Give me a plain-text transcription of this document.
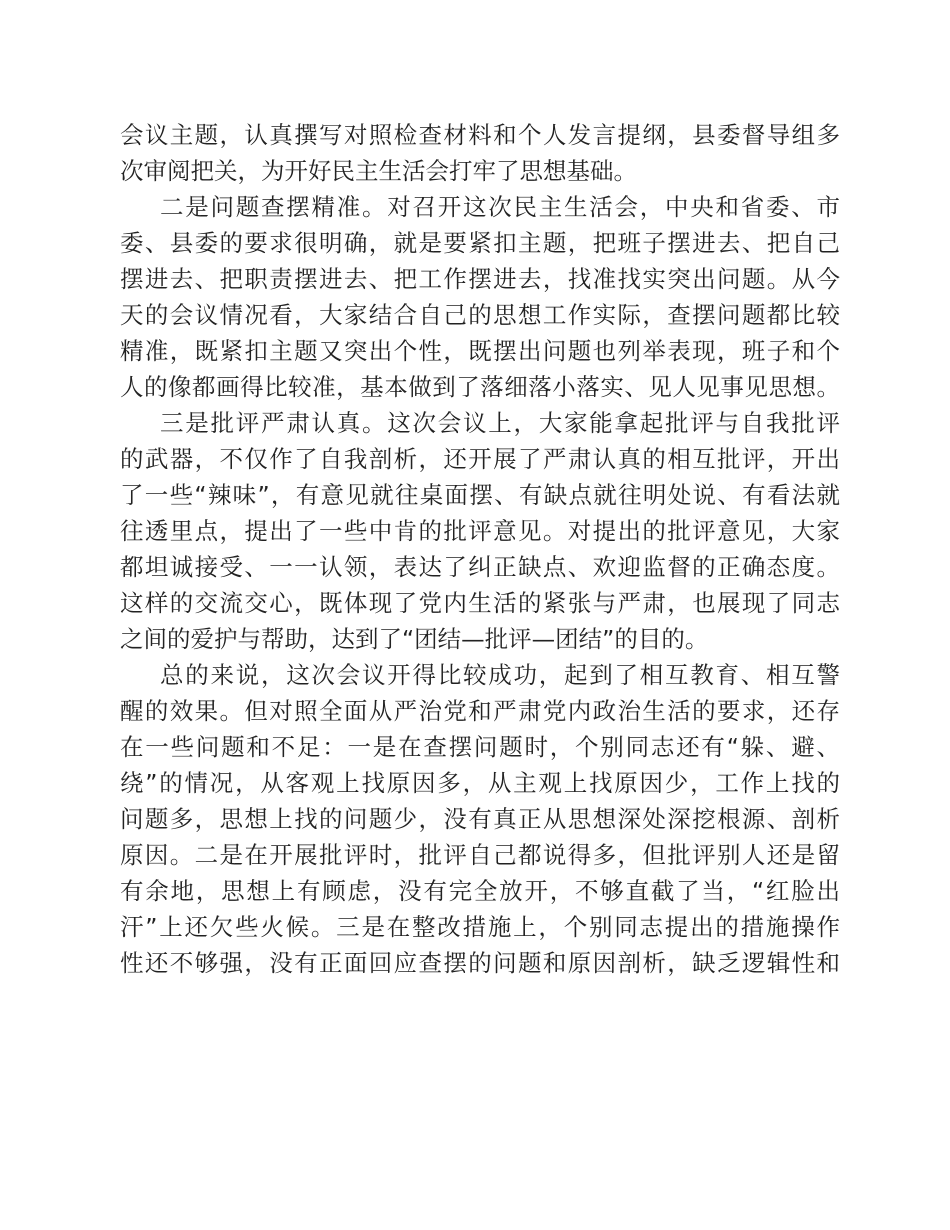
会议主题，认真撰写对照检查材料和个人发言提纲，县委督导组多
次审阅把关，为开好民主生活会打牢了思想基础。
二是问题查摆精准。对召开这次民主生活会，中央和省委、市
委、县委的要求很明确，就是要紧扣主题，把班子摆进去、把自己
摆进去、把职责摆进去、把工作摆进去，找准找实突出问题。从今
天的会议情况看，大家结合自己的思想工作实际，查摆问题都比较
精准，既紧扣主题又突出个性，既摆出问题也列举表现，班子和个
人的像都画得比较准，基本做到了落细落小落实、见人见事见思想。
三是批评严肃认真。这次会议上，大家能拿起批评与自我批评
的武器，不仅作了自我剖析，还开展了严肃认真的相互批评，开出
了一些“辣味”，有意见就往桌面摆、有缺点就往明处说、有看法就
往透里点，提出了一些中肯的批评意见。对提出的批评意见，大家
都坦诚接受、一一认领，表达了纠正缺点、欢迎监督的正确态度。
这样的交流交心，既体现了党内生活的紧张与严肃，也展现了同志
之间的爱护与帮助，达到了“团结—批评—团结”的目的。
总的来说，这次会议开得比较成功，起到了相互教育、相互警
醒的效果。但对照全面从严治党和严肃党内政治生活的要求，还存
在一些问题和不足：一是在查摆问题时，个别同志还有“躲、避、
绕”的情况，从客观上找原因多，从主观上找原因少，工作上找的
问题多，思想上找的问题少，没有真正从思想深处深挖根源、剖析
原因。二是在开展批评时，批评自己都说得多，但批评别人还是留
有余地，思想上有顾虑，没有完全放开，不够直截了当，“红脸出
汗”上还欠些火候。三是在整改措施上，个别同志提出的措施操作
性还不够强，没有正面回应查摆的问题和原因剖析，缺乏逻辑性和
